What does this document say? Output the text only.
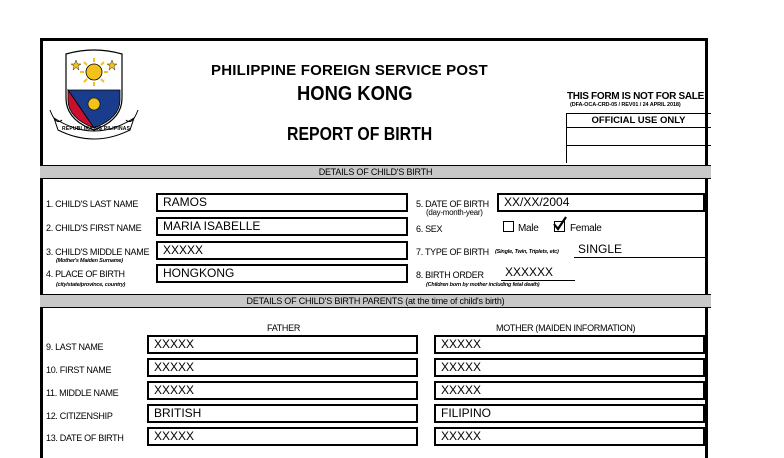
REPUBLIKA NG PILIPINAS
PHILIPPINE FOREIGN SERVICE POST
HONG KONG
REPORT OF BIRTH
THIS FORM IS NOT FOR SALE
(DFA-OCA-CRD-05 / REV01 / 24 APRIL 2018)
OFFICIAL USE ONLY
DETAILS OF CHILD'S BIRTH
1. CHILD'S LAST NAME	RAMOS
2. CHILD'S FIRST NAME	MARIA ISABELLE
3. CHILD'S MIDDLE NAME
(Mother's Maiden Surname)
XXXXX
4. PLACE OF BIRTH
(city/state/province, country)
HONGKONG
5. DATE OF BIRTH
(day-month-year)
XX/XX/2004
6. SEX	Male	Female
7. TYPE OF BIRTH (Single, Twin, Triplets, etc)	SINGLE
8. BIRTH ORDER
(Children born by mother including fetal death)
XXXXXX
DETAILS OF CHILD'S BIRTH PARENTS (at the time of child's birth)
FATHER	MOTHER (MAIDEN INFORMATION)
9. LAST NAME	XXXXX	XXXXX
10. FIRST NAME	XXXXX	XXXXX
11. MIDDLE NAME	XXXXX	XXXXX
12. CITIZENSHIP	BRITISH	FILIPINO
13. DATE OF BIRTH	XXXXX	XXXXX
